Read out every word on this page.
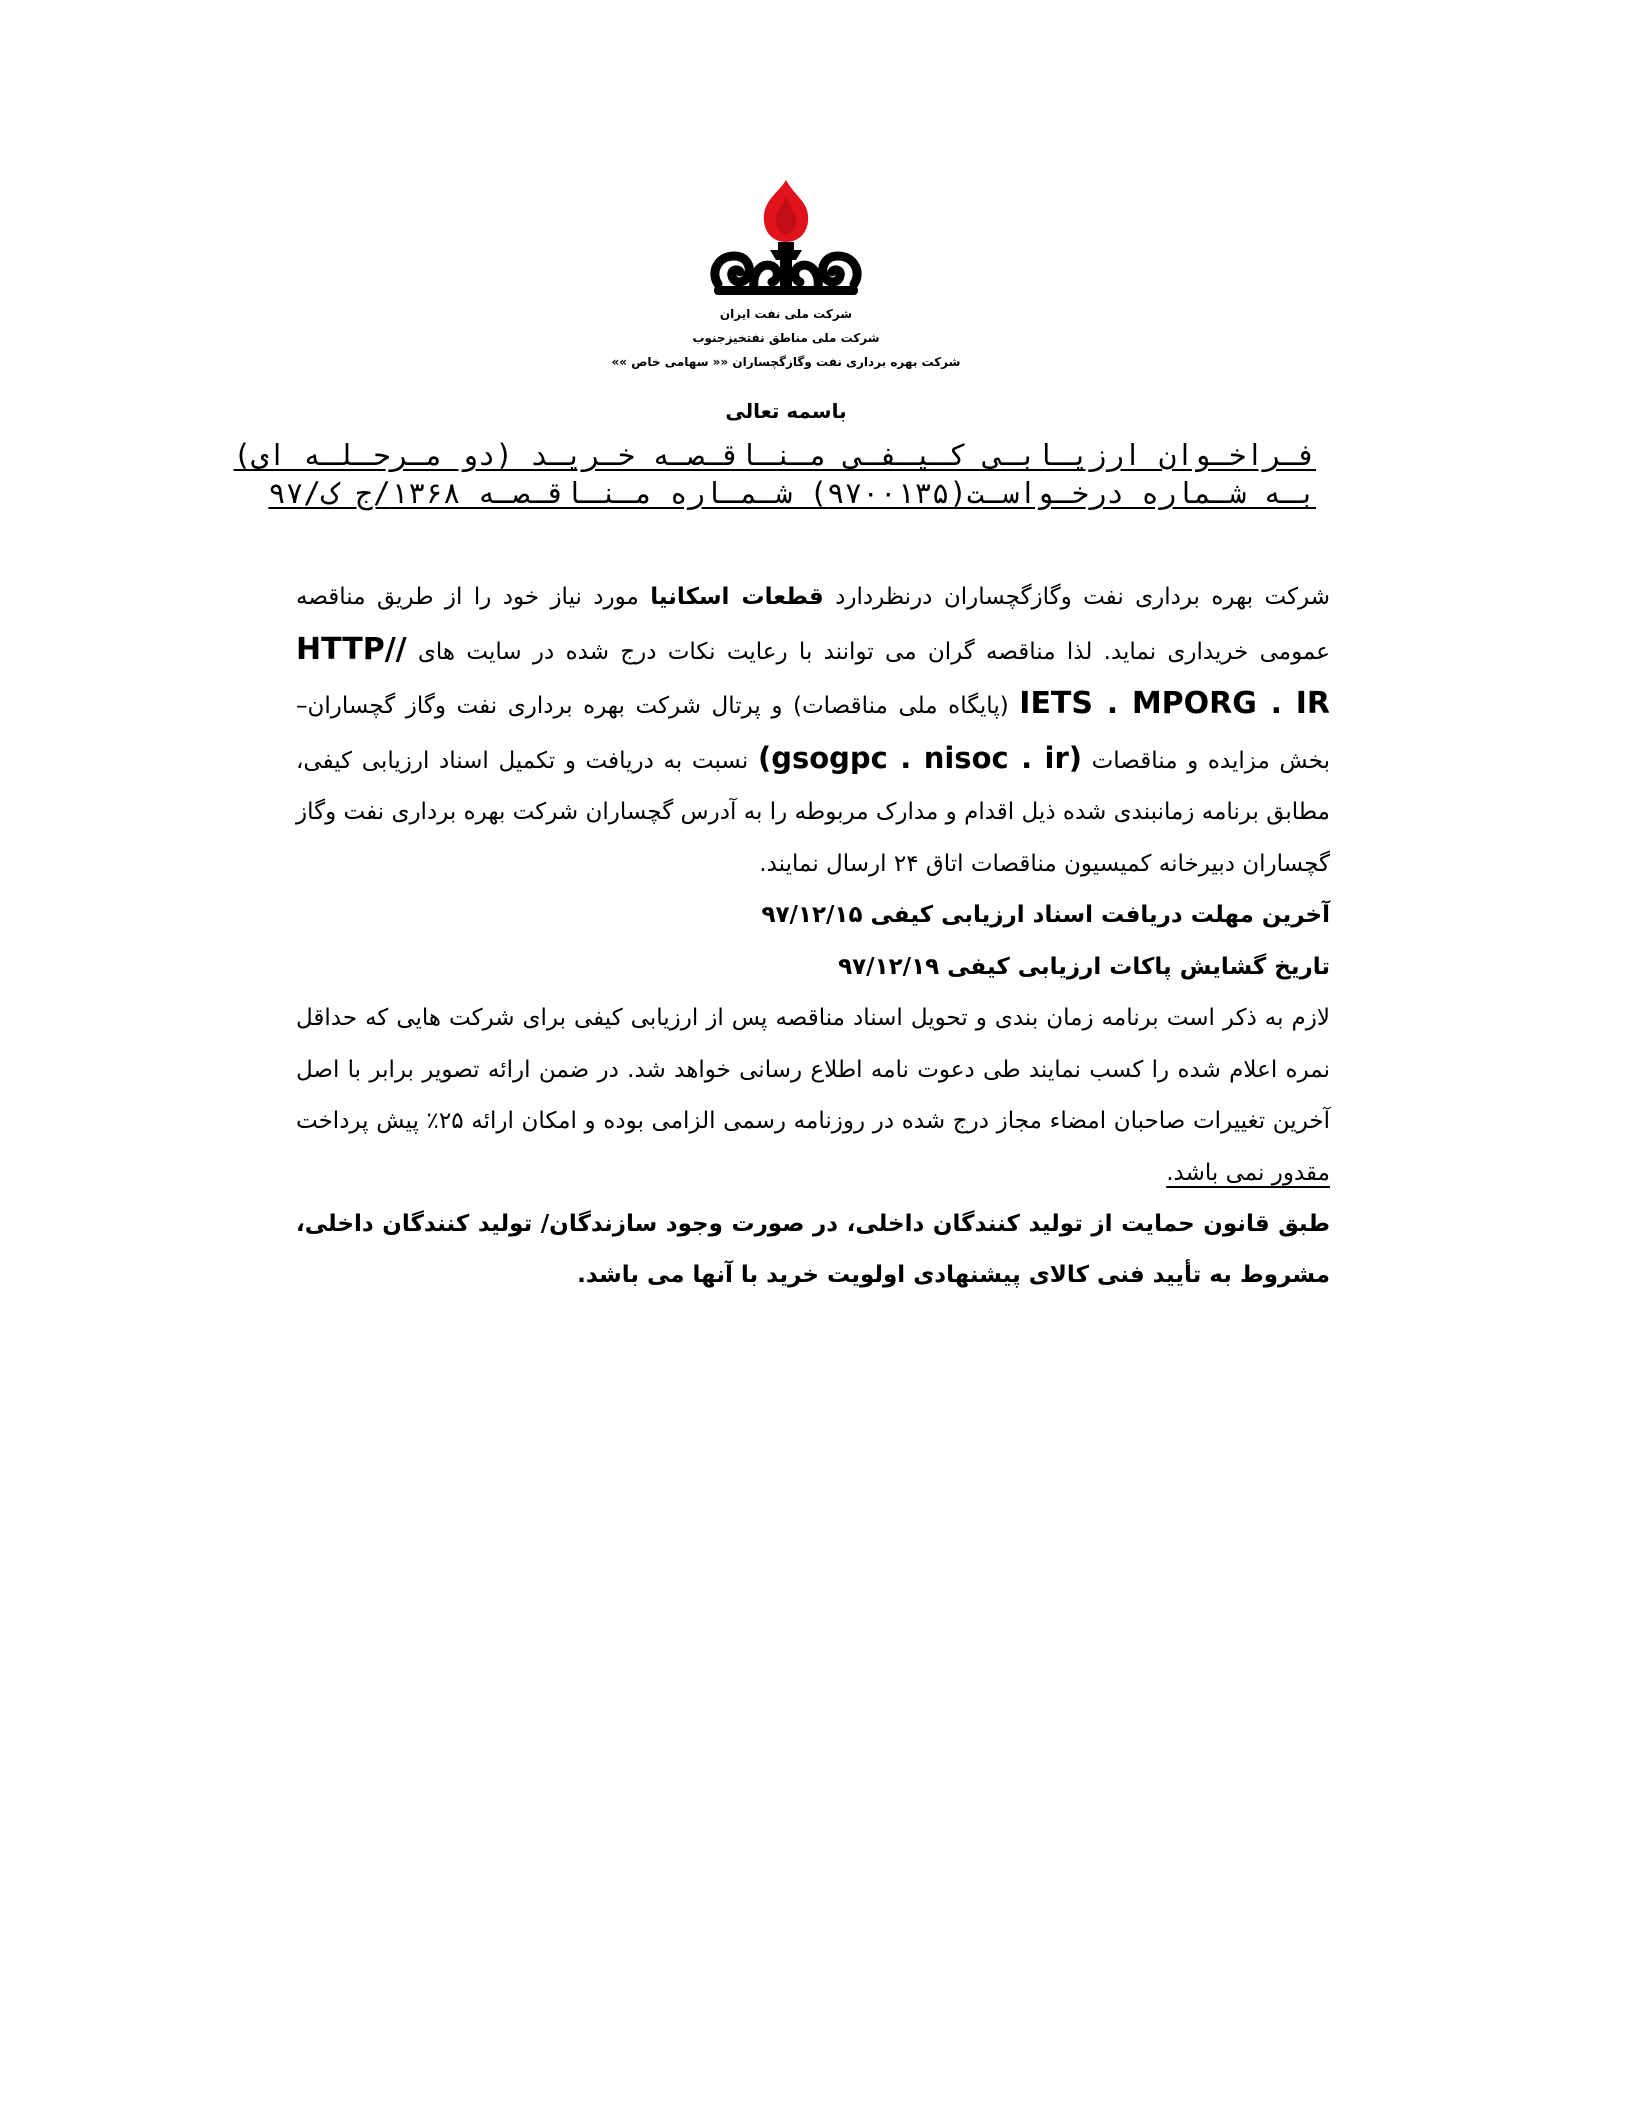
شرکت ملی نفت ایران
شرکت ملی مناطق نفتخیزجنوب
شرکت بهره برداری نفت وگازگچساران «« سهامی خاص »»
باسمه تعالی
فـراخـوان ارزیـابـی کـیـفـی مـنـاقـصـه خـریـد (دو مـرحـلـه ای)
بـه شـماره درخـواسـت(۹۷۰۰۱۳۵) شـمـاره مـنـاقـصـه ۱۳۶۸/ج ک/۹۷

شرکت بهره برداری نفت وگازگچساران درنظردارد قطعات اسکانیا مورد نیاز خود را از طریق مناقصه عمومی خریداری نماید. لذا مناقصه گران می توانند با رعایت نکات درج شده در سایت های HTTP// IETS . MPORG . IR (پایگاه ملی مناقصات) و پرتال شرکت بهره برداری نفت وگاز گچساران– بخش مزایده و مناقصات (gsogpc . nisoc . ir) نسبت به دریافت و تکمیل اسناد ارزیابی کیفی، مطابق برنامه زمانبندی شده ذیل اقدام و مدارک مربوطه را به آدرس گچساران شرکت بهره برداری نفت وگاز گچساران دبیرخانه کمیسیون مناقصات اتاق ۲۴ ارسال نمایند.

آخرین مهلت دریافت اسناد ارزیابی کیفی ۹۷/۱۲/۱۵

تاریخ گشایش پاکات ارزیابی کیفی ۹۷/۱۲/۱۹

لازم به ذکر است برنامه زمان بندی و تحویل اسناد مناقصه پس از ارزیابی کیفی برای شرکت هایی که حداقل نمره اعلام شده را کسب نمایند طی دعوت نامه اطلاع رسانی خواهد شد. در ضمن ارائه تصویر برابر با اصل آخرین تغییرات صاحبان امضاء مجاز درج شده در روزنامه رسمی الزامی بوده و امکان ارائه ۲۵٪ پیش پرداخت مقدور نمی باشد.

طبق قانون حمایت از تولید کنندگان داخلی، در صورت وجود سازندگان/ تولید کنندگان داخلی، مشروط به تأیید فنی کالای پیشنهادی اولویت خرید با آنها می باشد.
